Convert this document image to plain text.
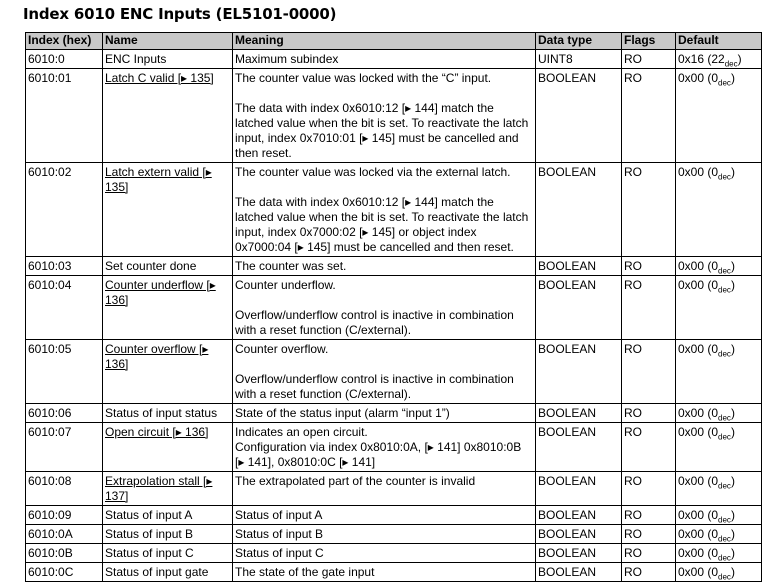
Index 6010 ENC Inputs (EL5101-0000)
Index (hex)	Name	Meaning	Data type	Flags	Default
6010:0	ENC Inputs	Maximum subindex	UINT8	RO	0x16 $(22_{dec})$
6010:01	Latch C valid [▸ 135]	The counter value was locked with the “C” input.

The data with index 0x6010:12 [▸ 144] match the latched value when the bit is set. To reactivate the latch input, index 0x7010:01 [▸ 145] must be cancelled and then reset.	BOOLEAN	RO	0x00 $(0_{dec})$
6010:02	Latch extern valid [▸ 135]	The counter value was locked via the external latch.

The data with index 0x6010:12 [▸ 144] match the latched value when the bit is set. To reactivate the latch input, index 0x7000:02 [▸ 145] or object index 0x7000:04 [▸ 145] must be cancelled and then reset.	BOOLEAN	RO	0x00 $(0_{dec})$
6010:03	Set counter done	The counter was set.	BOOLEAN	RO	0x00 $(0_{dec})$
6010:04	Counter underflow [▸ 136]	Counter underflow.

Overflow/underflow control is inactive in combination with a reset function (C/external).	BOOLEAN	RO	0x00 $(0_{dec})$
6010:05	Counter overflow [▸ 136]	Counter overflow.

Overflow/underflow control is inactive in combination with a reset function (C/external).	BOOLEAN	RO	0x00 $(0_{dec})$
6010:06	Status of input status	State of the status input (alarm “input 1”)	BOOLEAN	RO	0x00 $(0_{dec})$
6010:07	Open circuit [▸ 136]	Indicates an open circuit.

Configuration via index 0x8010:0A, [▸ 141] 0x8010:0B [▸ 141], 0x8010:0C [▸ 141]	BOOLEAN	RO	0x00 $(0_{dec})$
6010:08	Extrapolation stall [▸ 137]	The extrapolated part of the counter is invalid	BOOLEAN	RO	0x00 $(0_{dec})$
6010:09	Status of input A	Status of input A	BOOLEAN	RO	0x00 $(0_{dec})$
6010:0A	Status of input B	Status of input B	BOOLEAN	RO	0x00 $(0_{dec})$
6010:0B	Status of input C	Status of input C	BOOLEAN	RO	0x00 $(0_{dec})$
6010:0C	Status of input gate	The state of the gate input	BOOLEAN	RO	0x00 $(0_{dec})$
